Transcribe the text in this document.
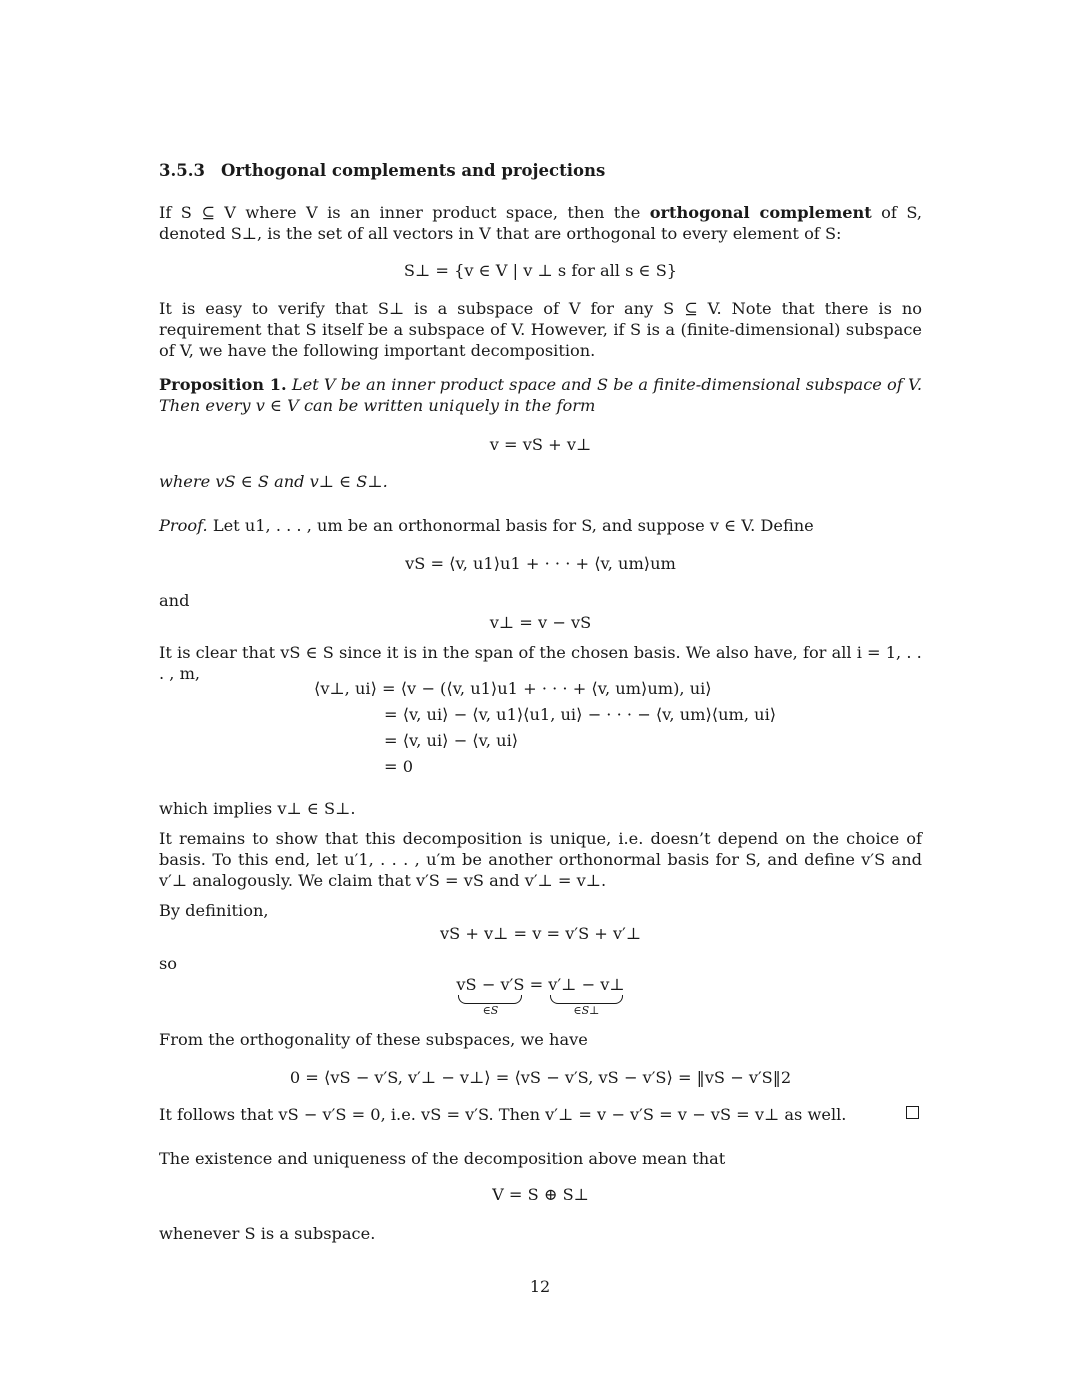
3.5.3 Orthogonal complements and projections
If S ⊆ V where V is an inner product space, then the orthogonal complement of S, denoted S⊥, is the set of all vectors in V that are orthogonal to every element of S:
S⊥ = {v ∈ V | v ⊥ s for all s ∈ S}
It is easy to verify that S⊥ is a subspace of V for any S ⊆ V. Note that there is no requirement that S itself be a subspace of V. However, if S is a (finite-dimensional) subspace of V, we have the following important decomposition.
Proposition 1. Let V be an inner product space and S be a finite-dimensional subspace of V. Then every v ∈ V can be written uniquely in the form
v = vS + v⊥
where vS ∈ S and v⊥ ∈ S⊥.
Proof. Let u1, . . . , um be an orthonormal basis for S, and suppose v ∈ V. Define
vS = ⟨v, u1⟩u1 + · · · + ⟨v, um⟩um
and
v⊥ = v − vS
It is clear that vS ∈ S since it is in the span of the chosen basis. We also have, for all i = 1, . . . , m,
⟨v⊥, ui⟩ = ⟨v − (⟨v, u1⟩u1 + · · · + ⟨v, um⟩um), ui⟩
= ⟨v, ui⟩ − ⟨v, u1⟩⟨u1, ui⟩ − · · · − ⟨v, um⟩⟨um, ui⟩
= ⟨v, ui⟩ − ⟨v, ui⟩
= 0
which implies v⊥ ∈ S⊥.
It remains to show that this decomposition is unique, i.e. doesn’t depend on the choice of basis. To this end, let u′1, . . . , u′m be another orthonormal basis for S, and define v′S and v′⊥ analogously. We claim that v′S = vS and v′⊥ = v⊥.
By definition,
vS + v⊥ = v = v′S + v′⊥
so
vS − v′S
∈S
= v′⊥ − v⊥
∈S⊥
From the orthogonality of these subspaces, we have
0 = ⟨vS − v′S, v′⊥ − v⊥⟩ = ⟨vS − v′S, vS − v′S⟩ = ‖vS − v′S‖2
It follows that vS − v′S = 0, i.e. vS = v′S. Then v′⊥ = v − v′S = v − vS = v⊥ as well.
The existence and uniqueness of the decomposition above mean that
V = S ⊕ S⊥
whenever S is a subspace.
12
